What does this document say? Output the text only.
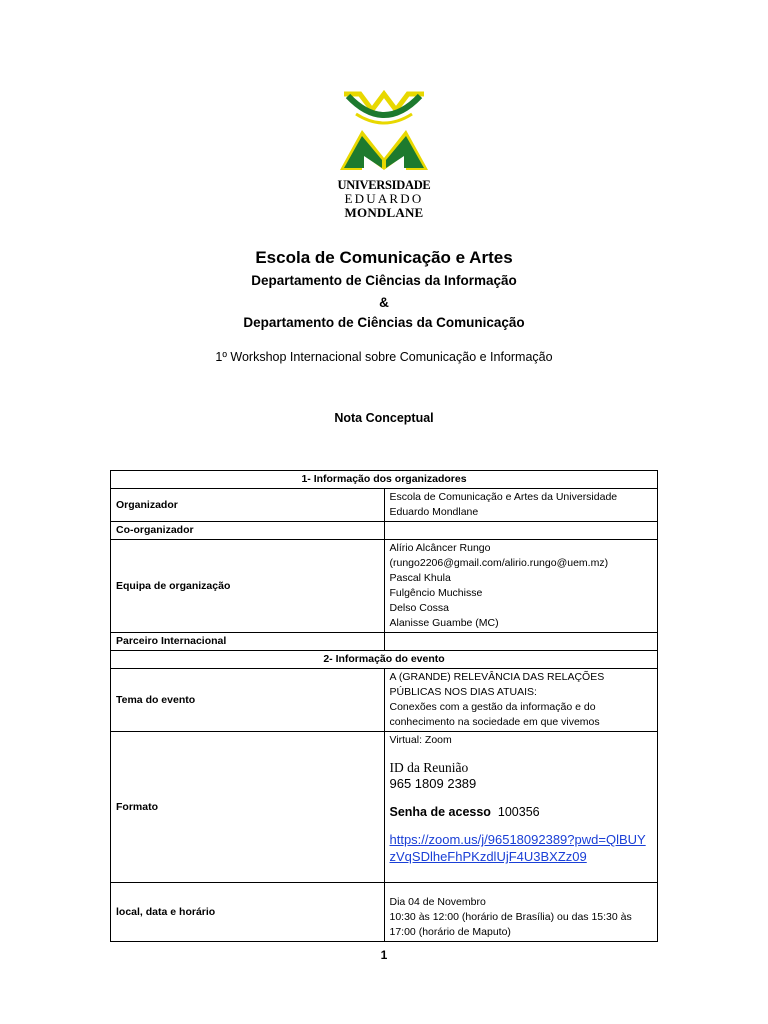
UNIVERSIDADE
EDUARDO
MONDLANE
Escola de Comunicação e Artes
Departamento de Ciências da Informação
&
Departamento de Ciências da Comunicação
1º Workshop Internacional sobre Comunicação e Informação
Nota Conceptual
1- Informação dos organizadores	
Organizador	Escola de Comunicação e Artes da Universidade Eduardo Mondlane
Co-organizador	
Equipa de organização	Alírio Alcâncer Rungo (rungo2206@gmail.com/alirio.rungo@uem.mz)
Pascal Khula
Fulgêncio Muchisse
Delso Cossa
Alanisse Guambe (MC)

Parceiro Internacional	
2- Informação do evento	
Tema do evento	A (GRANDE) RELEVÂNCIA DAS RELAÇÕES PÚBLICAS NOS DIAS ATUAIS:
Conexões com a gestão da informação e do conhecimento na sociedade em que vivemos

Formato	Virtual: Zoom
ID da Reunião
965 1809 2389
Senha de acesso 100356
https://zoom.us/j/96518092389?pwd=QlBUYzVqSDlheFhPKzdlUjF4U3BXZz09
local, data e horário	Dia 04 de Novembro
10:30 às 12:00 (horário de Brasília) ou das 15:30 às 17:00 (horário de Maputo)
1
